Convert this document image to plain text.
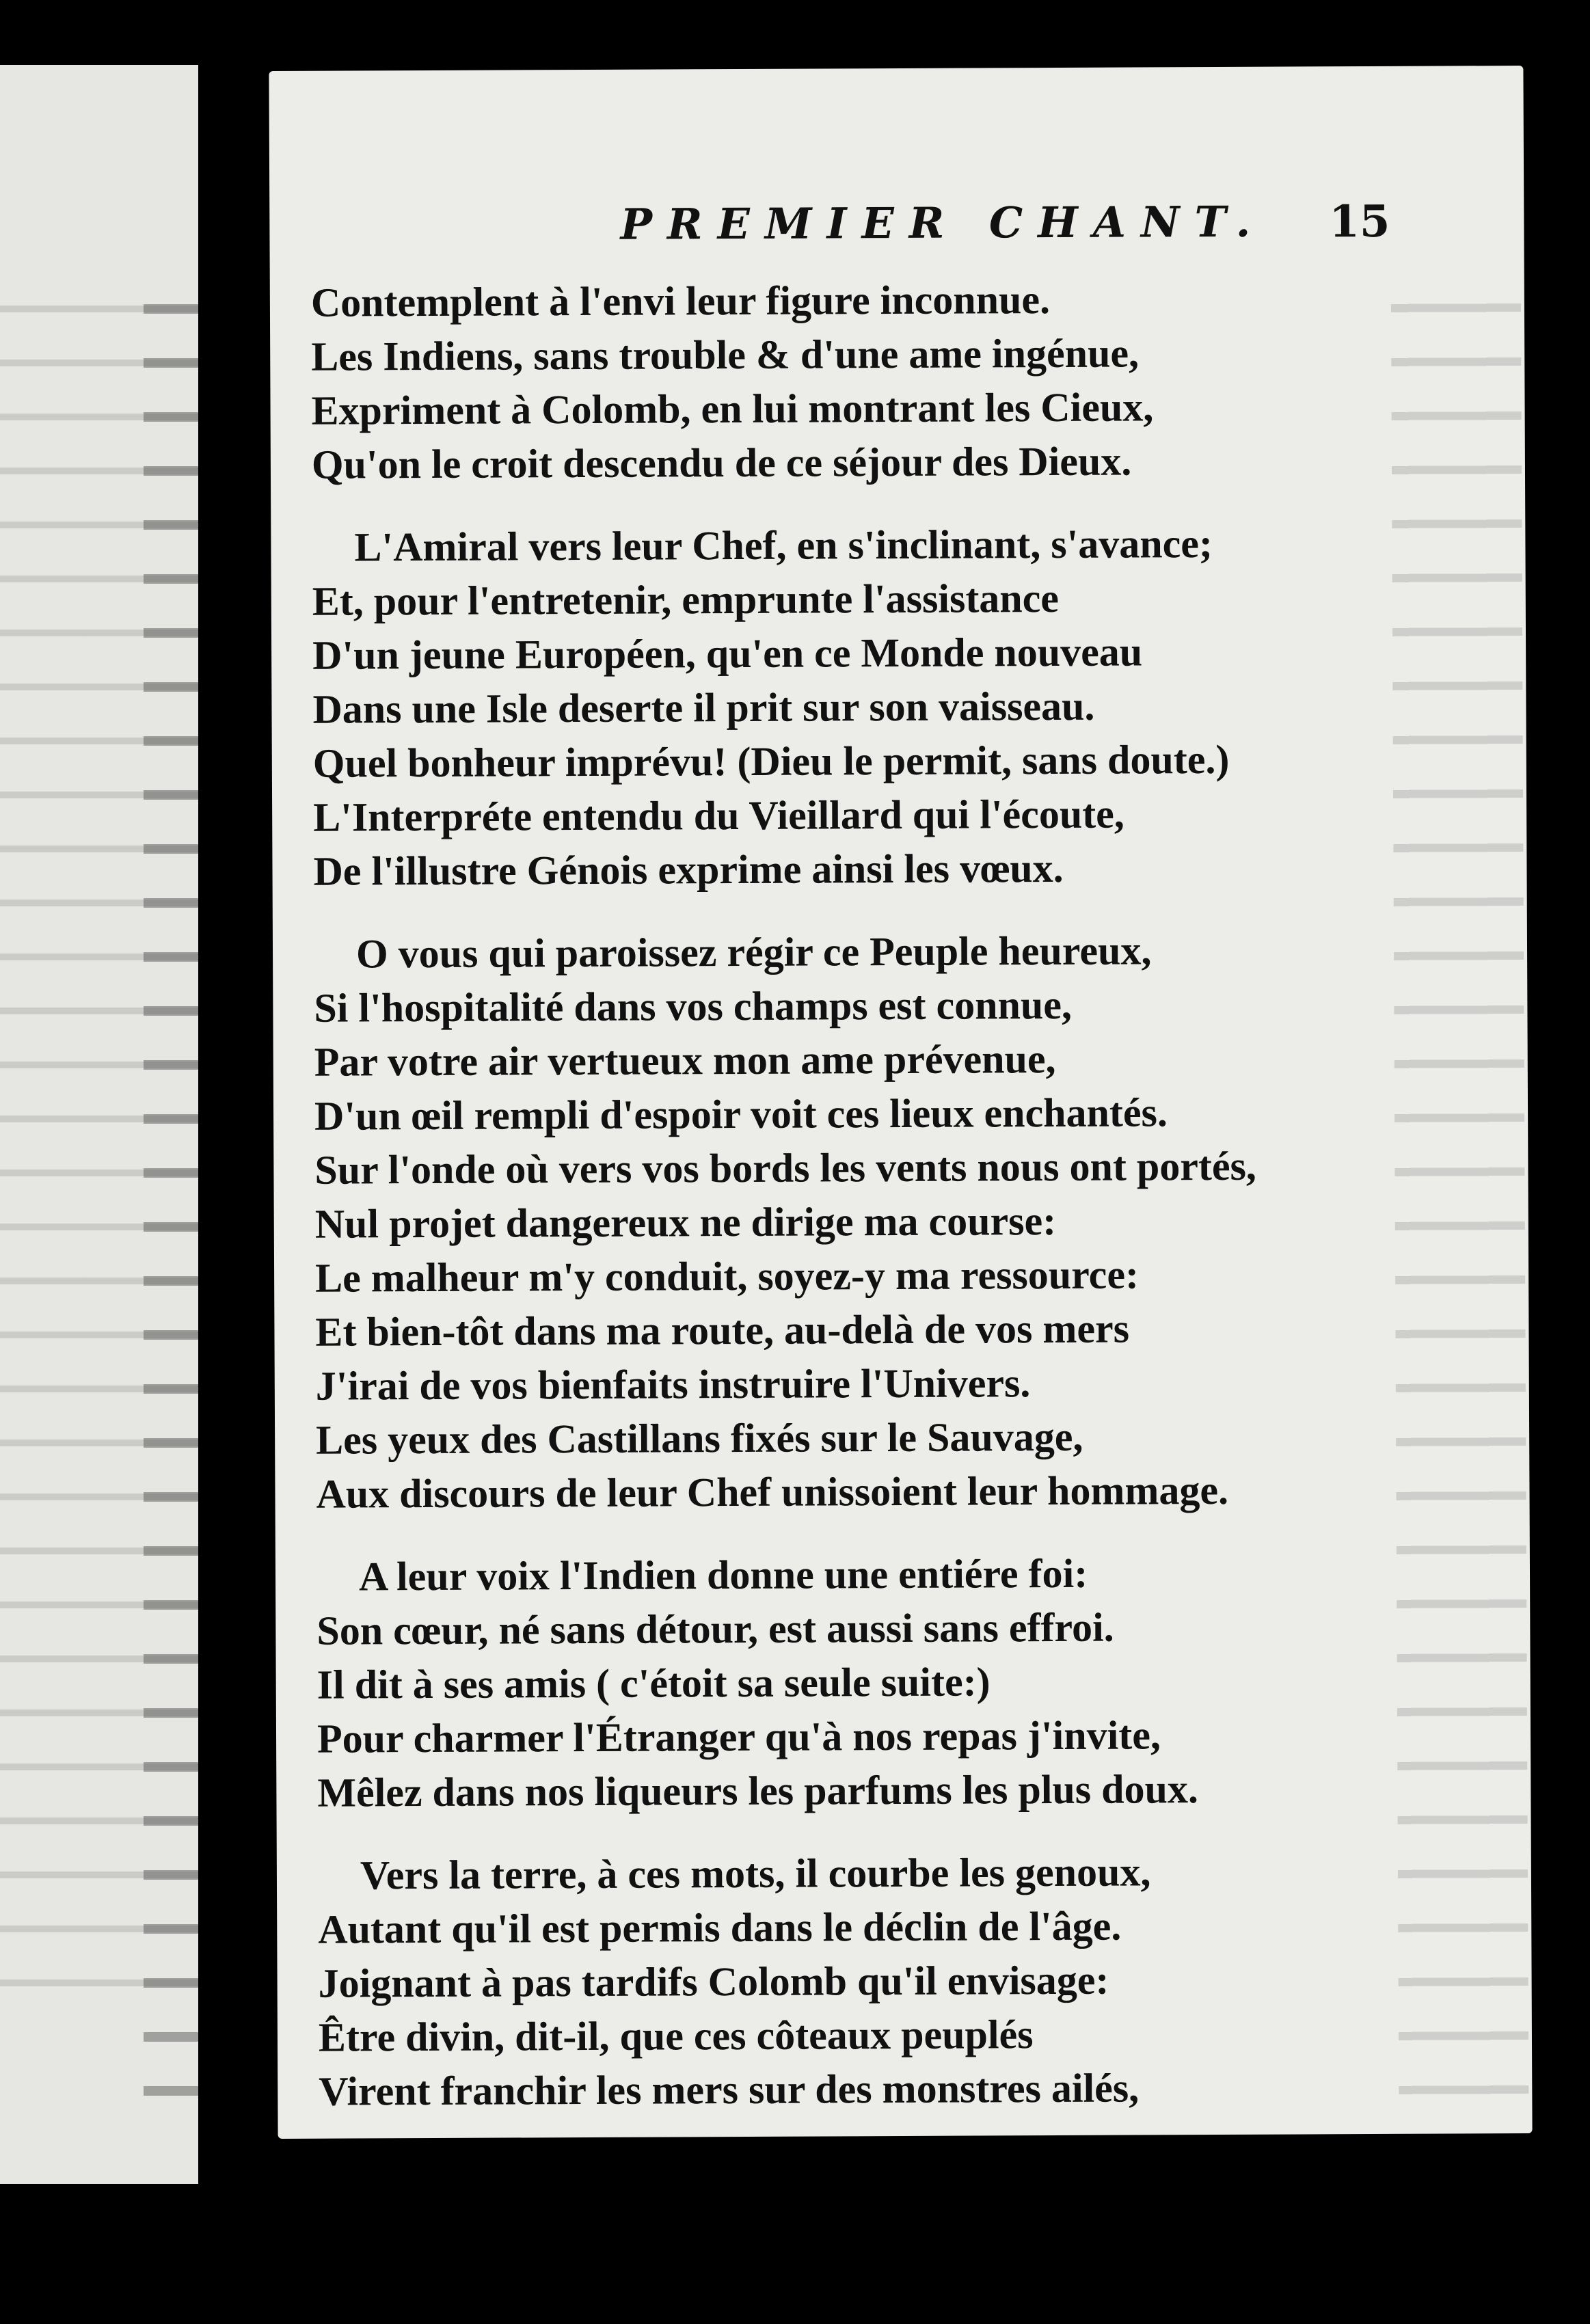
PREMIER CHANT.	15
Contemplent à l'envi leur figure inconnue.
Les Indiens, sans trouble & d'une ame ingénue,
Expriment à Colomb, en lui montrant les Cieux,
Qu'on le croit descendu de ce séjour des Dieux.
L'Amiral vers leur Chef, en s'inclinant, s'avance;
Et, pour l'entretenir, emprunte l'assistance
D'un jeune Européen, qu'en ce Monde nouveau
Dans une Isle deserte il prit sur son vaisseau.
Quel bonheur imprévu! (Dieu le permit, sans doute.)
L'Interpréte entendu du Vieillard qui l'écoute,
De l'illustre Génois exprime ainsi les vœux.
O vous qui paroissez régir ce Peuple heureux,
Si l'hospitalité dans vos champs est connue,
Par votre air vertueux mon ame prévenue,
D'un œil rempli d'espoir voit ces lieux enchantés.
Sur l'onde où vers vos bords les vents nous ont portés,
Nul projet dangereux ne dirige ma course:
Le malheur m'y conduit, soyez-y ma ressource:
Et bien-tôt dans ma route, au-delà de vos mers
J'irai de vos bienfaits instruire l'Univers.
Les yeux des Castillans fixés sur le Sauvage,
Aux discours de leur Chef unissoient leur hommage.
A leur voix l'Indien donne une entiére foi:
Son cœur, né sans détour, est aussi sans effroi.
Il dit à ses amis ( c'étoit sa seule suite:)
Pour charmer l'Étranger qu'à nos repas j'invite,
Mêlez dans nos liqueurs les parfums les plus doux.
Vers la terre, à ces mots, il courbe les genoux,
Autant qu'il est permis dans le déclin de l'âge.
Joignant à pas tardifs Colomb qu'il envisage:
Être divin, dit-il, que ces côteaux peuplés
Virent franchir les mers sur des monstres ailés,
